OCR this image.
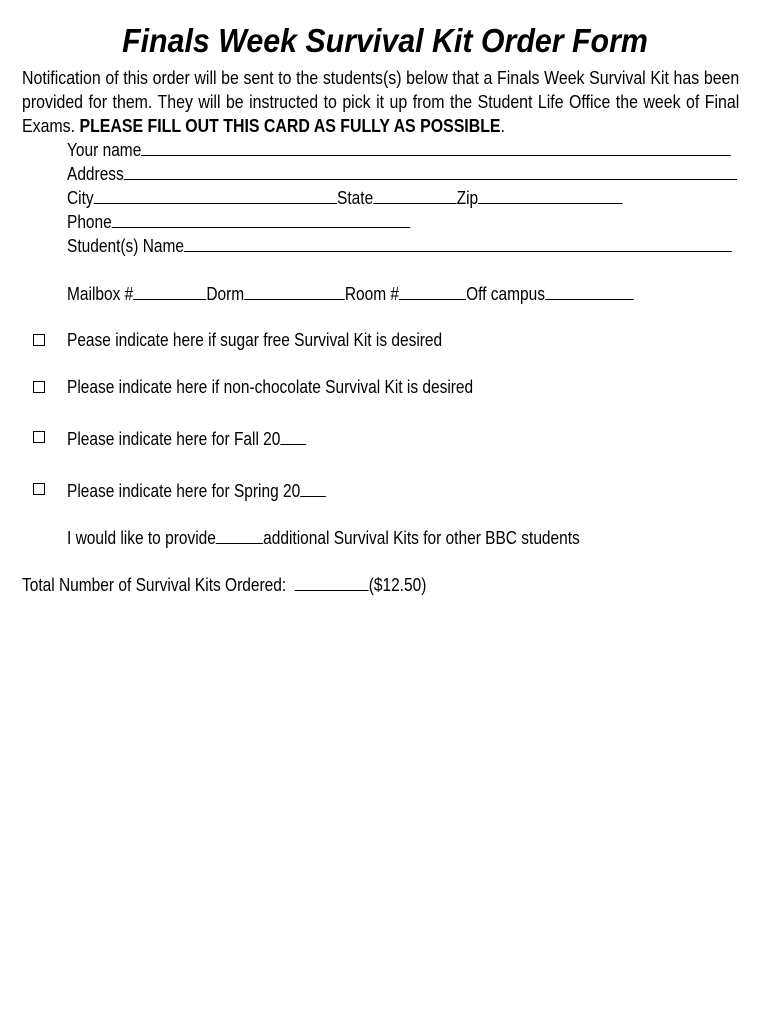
Finals Week Survival Kit Order Form
Notification of this order will be sent to the students(s) below that a Finals Week Survival Kit has been provided for them. They will be instructed to pick it up from the Student Life Office the week of Final Exams. PLEASE FILL OUT THIS CARD AS FULLY AS POSSIBLE.
Your name
Address
City	State	Zip
Phone
Student(s) Name
Mailbox #	Dorm	Room #	Off campus
Pease indicate here if sugar free Survival Kit is desired
Please indicate here if non-chocolate Survival Kit is desired
Please indicate here for Fall 20
Please indicate here for Spring 20
I would like to provide	additional Survival Kits for other BBC students
Total Number of Survival Kits Ordered:	($12.50)
